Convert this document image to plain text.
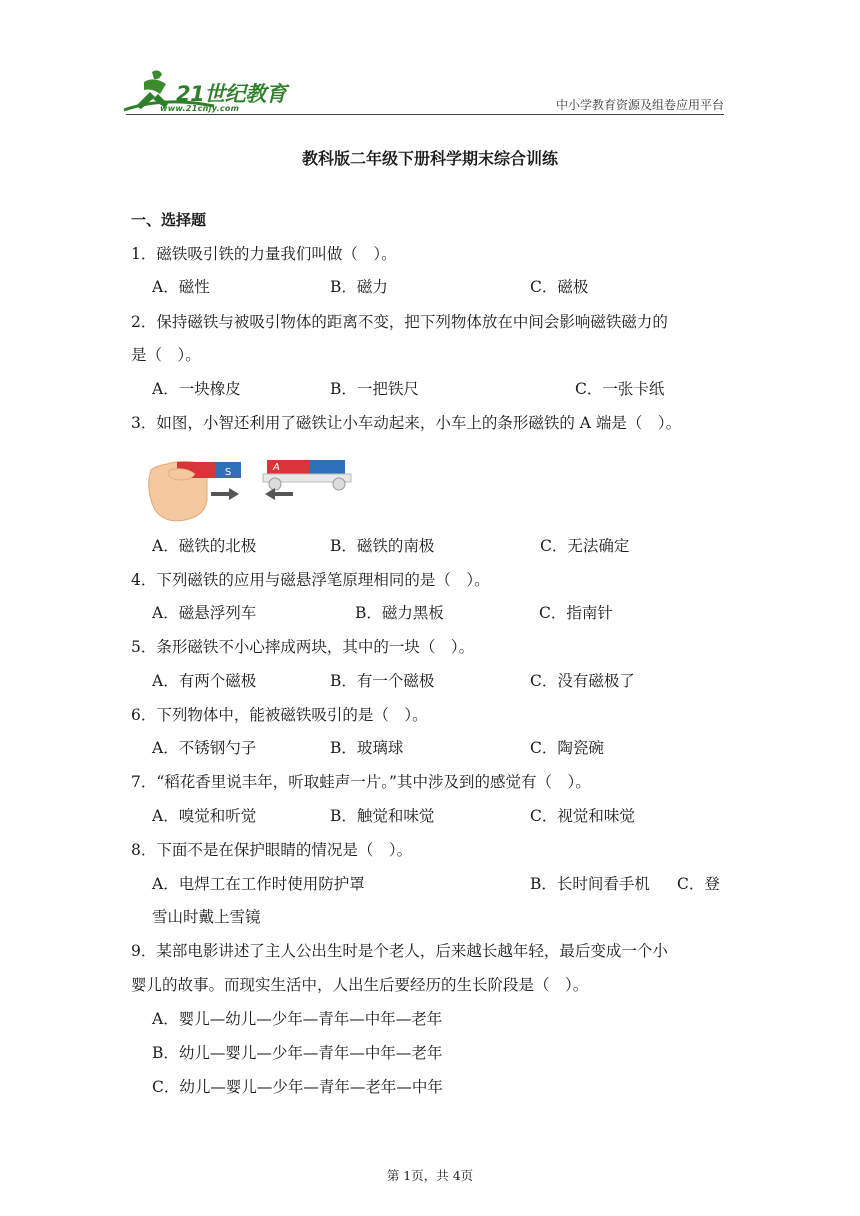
21世纪教育
www.21cnjy.com	中小学教育资源及组卷应用平台
教科版二年级下册科学期末综合训练
一、选择题
1．磁铁吸引铁的力量我们叫做（　）。
A．磁性	B．磁力	C．磁极
2．保持磁铁与被吸引物体的距离不变，把下列物体放在中间会影响磁铁磁力的
是（　）。
A．一块橡皮	B．一把铁尺	C．一张卡纸
3．如图，小智还利用了磁铁让小车动起来，小车上的条形磁铁的 A 端是（　）。
S	A
A．磁铁的北极	B．磁铁的南极	C．无法确定
4．下列磁铁的应用与磁悬浮笔原理相同的是（　）。
A．磁悬浮列车	B．磁力黑板	C．指南针
5．条形磁铁不小心摔成两块，其中的一块（　）。
A．有两个磁极	B．有一个磁极	C．没有磁极了
6．下列物体中，能被磁铁吸引的是（　）。
A．不锈钢勺子	B．玻璃球	C．陶瓷碗
7．“稻花香里说丰年，听取蛙声一片。”其中涉及到的感觉有（　）。
A．嗅觉和听觉	B．触觉和味觉	C．视觉和味觉
8．下面不是在保护眼睛的情况是（　）。
A．电焊工在工作时使用防护罩	B．长时间看手机 C．登
雪山时戴上雪镜
9．某部电影讲述了主人公出生时是个老人，后来越长越年轻，最后变成一个小
婴儿的故事。而现实生活中，人出生后要经历的生长阶段是（　）。
A．婴儿—幼儿—少年—青年—中年—老年
B．幼儿—婴儿—少年—青年—中年—老年
C．幼儿—婴儿—少年—青年—老年—中年
第 1页，共 4页
